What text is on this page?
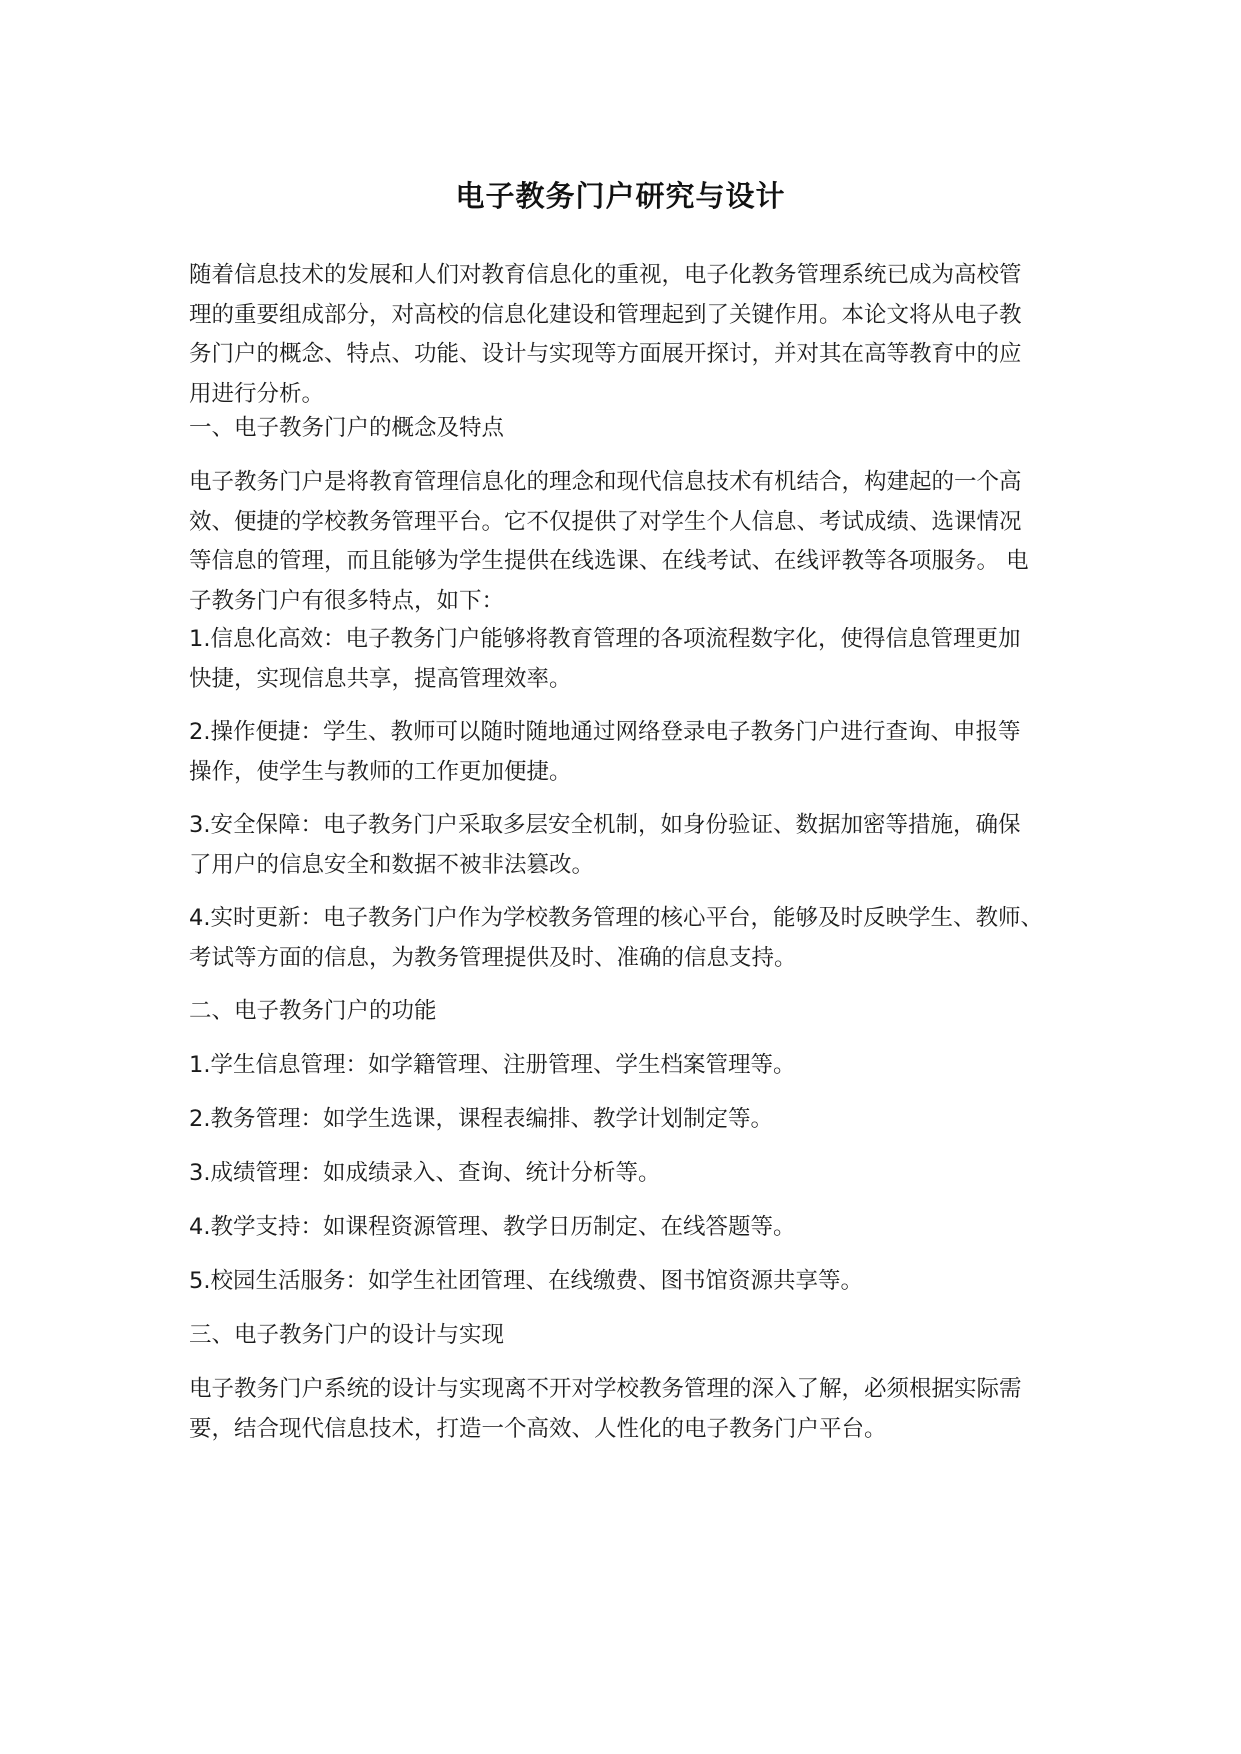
电子教务门户研究与设计
随着信息技术的发展和人们对教育信息化的重视，电子化教务管理系统已成为高校管
理的重要组成部分，对高校的信息化建设和管理起到了关键作用。本论文将从电子教
务门户的概念、特点、功能、设计与实现等方面展开探讨，并对其在高等教育中的应
用进行分析。
一、电子教务门户的概念及特点
电子教务门户是将教育管理信息化的理念和现代信息技术有机结合，构建起的一个高
效、便捷的学校教务管理平台。它不仅提供了对学生个人信息、考试成绩、选课情况
等信息的管理，而且能够为学生提供在线选课、在线考试、在线评教等各项服务。 电
子教务门户有很多特点，如下：
1.信息化高效：电子教务门户能够将教育管理的各项流程数字化，使得信息管理更加
快捷，实现信息共享，提高管理效率。
2.操作便捷：学生、教师可以随时随地通过网络登录电子教务门户进行查询、申报等
操作，使学生与教师的工作更加便捷。
3.安全保障：电子教务门户采取多层安全机制，如身份验证、数据加密等措施，确保
了用户的信息安全和数据不被非法篡改。
4.实时更新：电子教务门户作为学校教务管理的核心平台，能够及时反映学生、教师、
考试等方面的信息，为教务管理提供及时、准确的信息支持。
二、电子教务门户的功能
1.学生信息管理：如学籍管理、注册管理、学生档案管理等。
2.教务管理：如学生选课，课程表编排、教学计划制定等。
3.成绩管理：如成绩录入、查询、统计分析等。
4.教学支持：如课程资源管理、教学日历制定、在线答题等。
5.校园生活服务：如学生社团管理、在线缴费、图书馆资源共享等。
三、电子教务门户的设计与实现
电子教务门户系统的设计与实现离不开对学校教务管理的深入了解，必须根据实际需
要，结合现代信息技术，打造一个高效、人性化的电子教务门户平台。
